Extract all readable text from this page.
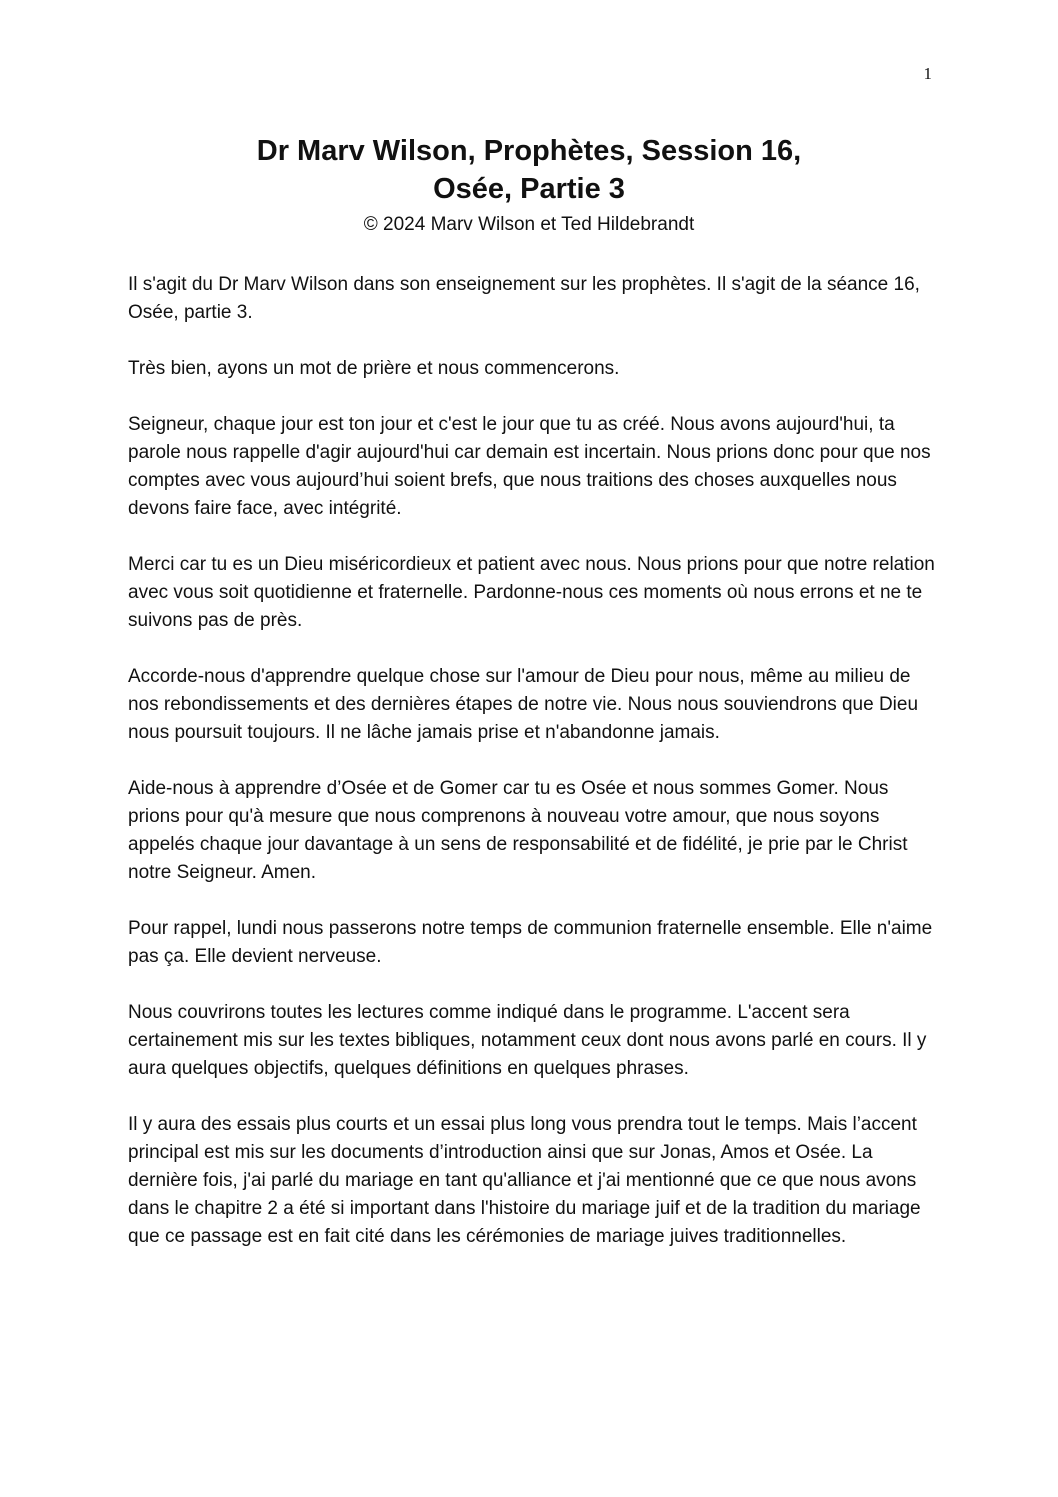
1
Dr Marv Wilson, Prophètes, Session 16,
Osée, Partie 3
© 2024 Marv Wilson et Ted Hildebrandt

Il s'agit du Dr Marv Wilson dans son enseignement sur les prophètes. Il s'agit de la séance 16, Osée, partie 3.

Très bien, ayons un mot de prière et nous commencerons.

Seigneur, chaque jour est ton jour et c'est le jour que tu as créé. Nous avons aujourd'hui, ta parole nous rappelle d'agir aujourd'hui car demain est incertain. Nous prions donc pour que nos comptes avec vous aujourd’hui soient brefs, que nous traitions des choses auxquelles nous devons faire face, avec intégrité.

Merci car tu es un Dieu miséricordieux et patient avec nous. Nous prions pour que notre relation avec vous soit quotidienne et fraternelle. Pardonne-nous ces moments où nous errons et ne te suivons pas de près.

Accorde-nous d'apprendre quelque chose sur l'amour de Dieu pour nous, même au milieu de nos rebondissements et des dernières étapes de notre vie. Nous nous souviendrons que Dieu nous poursuit toujours. Il ne lâche jamais prise et n'abandonne jamais.

Aide-nous à apprendre d’Osée et de Gomer car tu es Osée et nous sommes Gomer. Nous prions pour qu'à mesure que nous comprenons à nouveau votre amour, que nous soyons appelés chaque jour davantage à un sens de responsabilité et de fidélité, je prie par le Christ notre Seigneur. Amen.

Pour rappel, lundi nous passerons notre temps de communion fraternelle ensemble. Elle n'aime pas ça. Elle devient nerveuse.

Nous couvrirons toutes les lectures comme indiqué dans le programme. L'accent sera certainement mis sur les textes bibliques, notamment ceux dont nous avons parlé en cours. Il y aura quelques objectifs, quelques définitions en quelques phrases.

Il y aura des essais plus courts et un essai plus long vous prendra tout le temps. Mais l’accent principal est mis sur les documents d’introduction ainsi que sur Jonas, Amos et Osée. La dernière fois, j'ai parlé du mariage en tant qu'alliance et j'ai mentionné que ce que nous avons dans le chapitre 2 a été si important dans l'histoire du mariage juif et de la tradition du mariage que ce passage est en fait cité dans les cérémonies de mariage juives traditionnelles.
